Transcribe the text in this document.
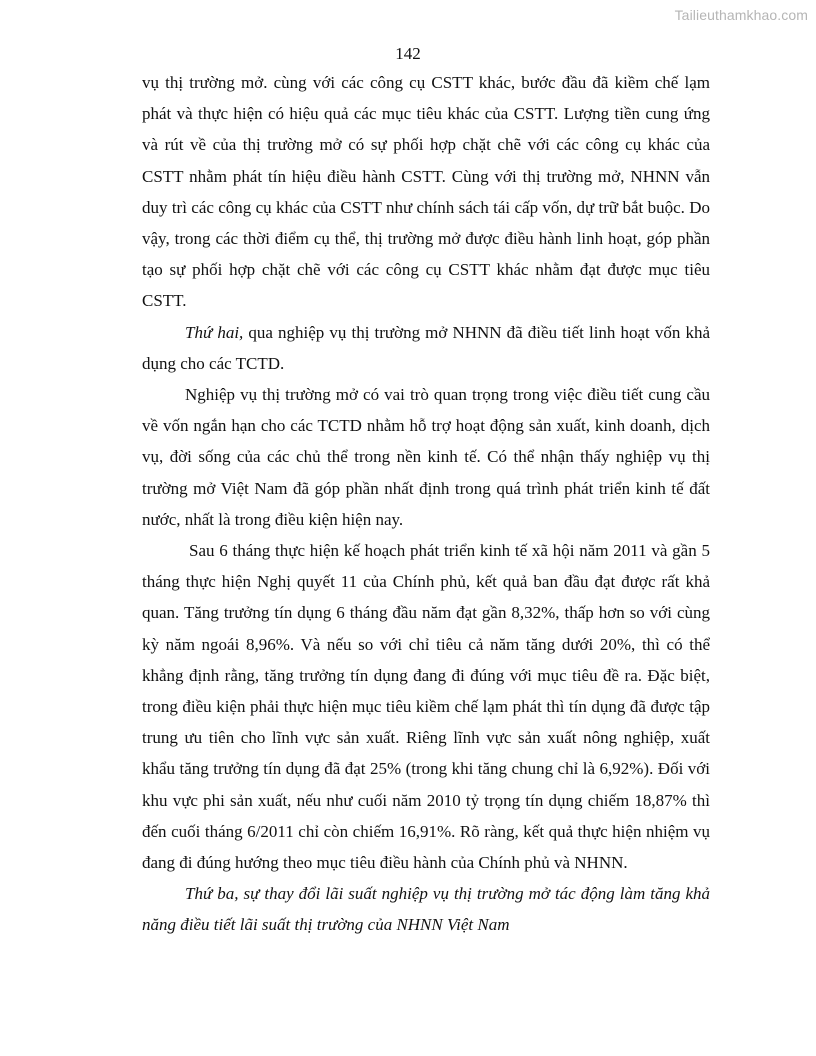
Tailieuthamkhao.com
142

vụ thị trường mở. cùng với các công cụ CSTT khác, bước đầu đã kiềm chế lạm phát và thực hiện có hiệu quả các mục tiêu khác của CSTT. Lượng tiền cung ứng và rút về của thị trường mở có sự phối hợp chặt chẽ với các công cụ khác của CSTT nhằm phát tín hiệu điều hành CSTT. Cùng với thị trường mở, NHNN vẫn duy trì các công cụ khác của CSTT như chính sách tái cấp vốn, dự trữ bắt buộc. Do vậy, trong các thời điểm cụ thể, thị trường mở được điều hành linh hoạt, góp phần tạo sự phối hợp chặt chẽ với các công cụ CSTT khác nhằm đạt được mục tiêu CSTT.

Thứ hai, qua nghiệp vụ thị trường mở NHNN đã điều tiết linh hoạt vốn khả dụng cho các TCTD.

Nghiệp vụ thị trường mở có vai trò quan trọng trong việc điều tiết cung cầu về vốn ngắn hạn cho các TCTD nhằm hỗ trợ hoạt động sản xuất, kinh doanh, dịch vụ, đời sống của các chủ thể trong nền kinh tế. Có thể nhận thấy nghiệp vụ thị trường mở Việt Nam đã góp phần nhất định trong quá trình phát triển kinh tế đất nước, nhất là trong điều kiện hiện nay.

Sau 6 tháng thực hiện kế hoạch phát triển kinh tế xã hội năm 2011 và gần 5 tháng thực hiện Nghị quyết 11 của Chính phủ, kết quả ban đầu đạt được rất khả quan. Tăng trưởng tín dụng 6 tháng đầu năm đạt gần 8,32%, thấp hơn so với cùng kỳ năm ngoái 8,96%. Và nếu so với chỉ tiêu cả năm tăng dưới 20%, thì có thể khẳng định rằng, tăng trưởng tín dụng đang đi đúng với mục tiêu đề ra. Đặc biệt, trong điều kiện phải thực hiện mục tiêu kiềm chế lạm phát thì tín dụng đã được tập trung ưu tiên cho lĩnh vực sản xuất. Riêng lĩnh vực sản xuất nông nghiệp, xuất khẩu tăng trưởng tín dụng đã đạt 25% (trong khi tăng chung chỉ là 6,92%). Đối với khu vực phi sản xuất, nếu như cuối năm 2010 tỷ trọng tín dụng chiếm 18,87% thì đến cuối tháng 6/2011 chỉ còn chiếm 16,91%. Rõ ràng, kết quả thực hiện nhiệm vụ đang đi đúng hướng theo mục tiêu điều hành của Chính phủ và NHNN.

Thứ ba, sự thay đổi lãi suất nghiệp vụ thị trường mở tác động làm tăng khả năng điều tiết lãi suất thị trường của NHNN Việt Nam
